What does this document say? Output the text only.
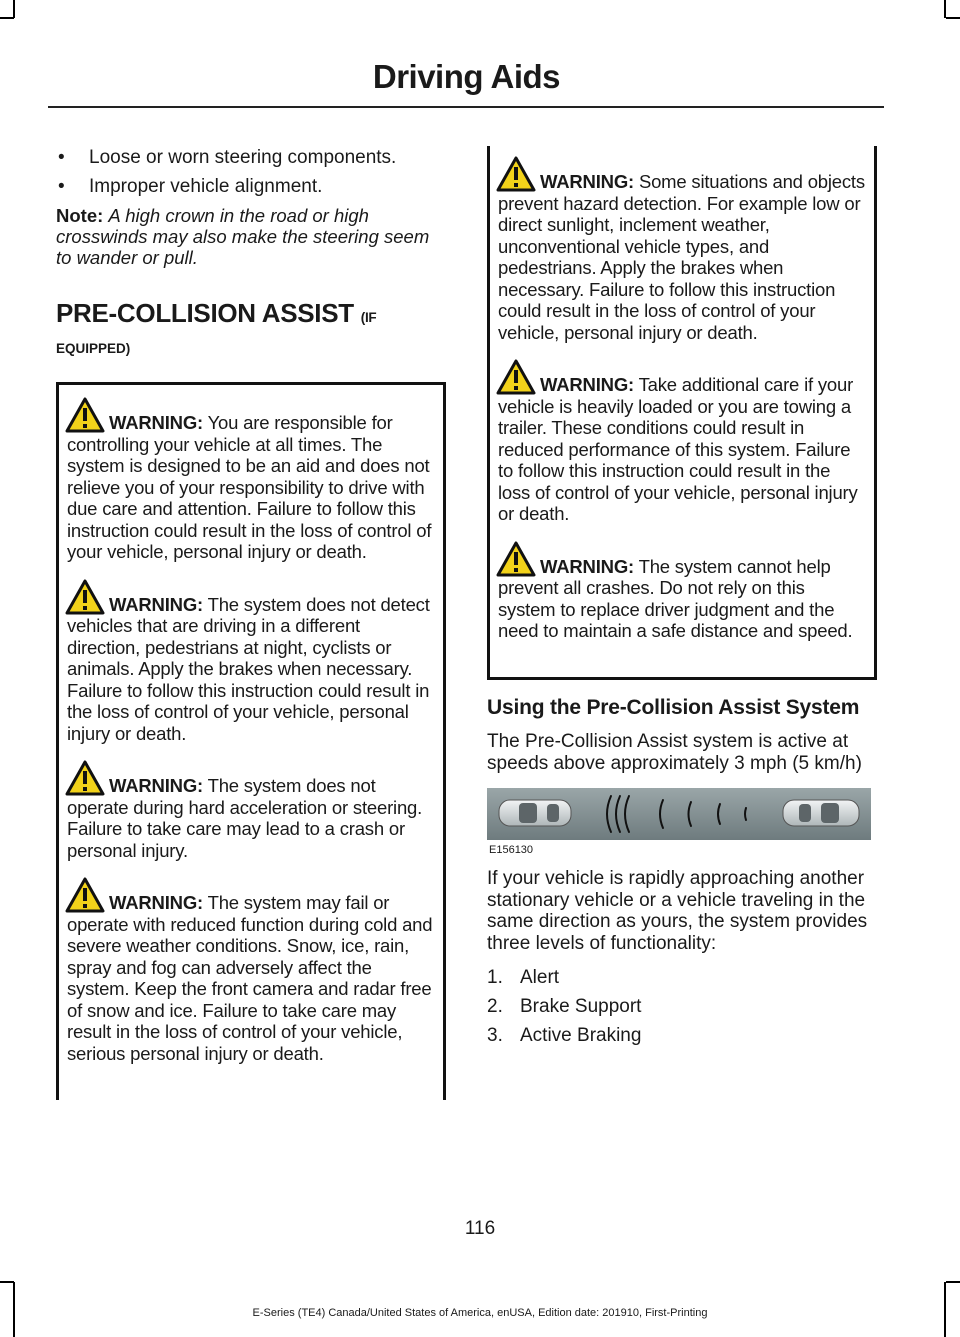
Driving Aids
• Loose or worn steering components.
• Improper vehicle alignment.
Note: A high crown in the road or high crosswinds may also make the steering seem to wander or pull.
PRE-COLLISION ASSIST (IF
EQUIPPED)
WARNING: You are responsible for controlling your vehicle at all times. The system is designed to be an aid and does not relieve you of your responsibility to drive with due care and attention. Failure to follow this instruction could result in the loss of control of your vehicle, personal injury or death.
WARNING: The system does not detect vehicles that are driving in a different direction, pedestrians at night, cyclists or animals. Apply the brakes when necessary. Failure to follow this instruction could result in the loss of control of your vehicle, personal injury or death.
WARNING: The system does not operate during hard acceleration or steering. Failure to take care may lead to a crash or personal injury.
WARNING: The system may fail or operate with reduced function during cold and severe weather conditions. Snow, ice, rain, spray and fog can adversely affect the system. Keep the front camera and radar free of snow and ice. Failure to take care may result in the loss of control of your vehicle, serious personal injury or death.
WARNING: Some situations and objects prevent hazard detection. For example low or direct sunlight, inclement weather, unconventional vehicle types, and pedestrians. Apply the brakes when necessary. Failure to follow this instruction could result in the loss of control of your vehicle, personal injury or death.
WARNING: Take additional care if your vehicle is heavily loaded or you are towing a trailer. These conditions could result in reduced performance of this system. Failure to follow this instruction could result in the loss of control of your vehicle, personal injury or death.
WARNING: The system cannot help prevent all crashes. Do not rely on this system to replace driver judgment and the need to maintain a safe distance and speed.
Using the Pre-Collision Assist System
The Pre-Collision Assist system is active at speeds above approximately 3 mph (5 km/h)
E156130
If your vehicle is rapidly approaching another stationary vehicle or a vehicle traveling in the same direction as yours, the system provides three levels of functionality:
1. Alert
2. Brake Support
3. Active Braking
116
E-Series (TE4) Canada/United States of America, enUSA, Edition date: 201910, First-Printing
